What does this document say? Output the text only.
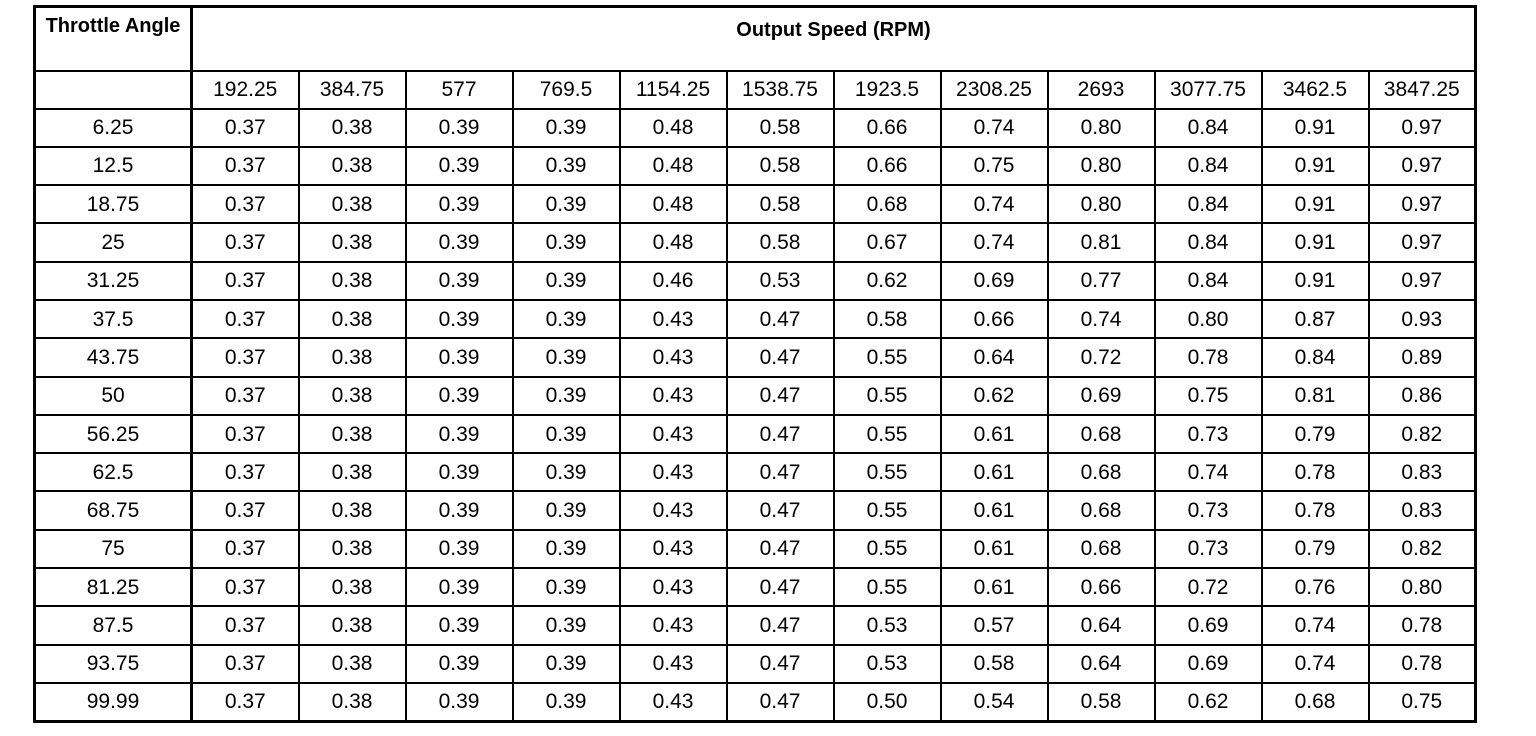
Throttle Angle	Output Speed (RPM)											
	192.25	384.75	577	769.5	1154.25	1538.75	1923.5	2308.25	2693	3077.75	3462.5	3847.25
6.25	0.37	0.38	0.39	0.39	0.48	0.58	0.66	0.74	0.80	0.84	0.91	0.97
12.5	0.37	0.38	0.39	0.39	0.48	0.58	0.66	0.75	0.80	0.84	0.91	0.97
18.75	0.37	0.38	0.39	0.39	0.48	0.58	0.68	0.74	0.80	0.84	0.91	0.97
25	0.37	0.38	0.39	0.39	0.48	0.58	0.67	0.74	0.81	0.84	0.91	0.97
31.25	0.37	0.38	0.39	0.39	0.46	0.53	0.62	0.69	0.77	0.84	0.91	0.97
37.5	0.37	0.38	0.39	0.39	0.43	0.47	0.58	0.66	0.74	0.80	0.87	0.93
43.75	0.37	0.38	0.39	0.39	0.43	0.47	0.55	0.64	0.72	0.78	0.84	0.89
50	0.37	0.38	0.39	0.39	0.43	0.47	0.55	0.62	0.69	0.75	0.81	0.86
56.25	0.37	0.38	0.39	0.39	0.43	0.47	0.55	0.61	0.68	0.73	0.79	0.82
62.5	0.37	0.38	0.39	0.39	0.43	0.47	0.55	0.61	0.68	0.74	0.78	0.83
68.75	0.37	0.38	0.39	0.39	0.43	0.47	0.55	0.61	0.68	0.73	0.78	0.83
75	0.37	0.38	0.39	0.39	0.43	0.47	0.55	0.61	0.68	0.73	0.79	0.82
81.25	0.37	0.38	0.39	0.39	0.43	0.47	0.55	0.61	0.66	0.72	0.76	0.80
87.5	0.37	0.38	0.39	0.39	0.43	0.47	0.53	0.57	0.64	0.69	0.74	0.78
93.75	0.37	0.38	0.39	0.39	0.43	0.47	0.53	0.58	0.64	0.69	0.74	0.78
99.99	0.37	0.38	0.39	0.39	0.43	0.47	0.50	0.54	0.58	0.62	0.68	0.75
